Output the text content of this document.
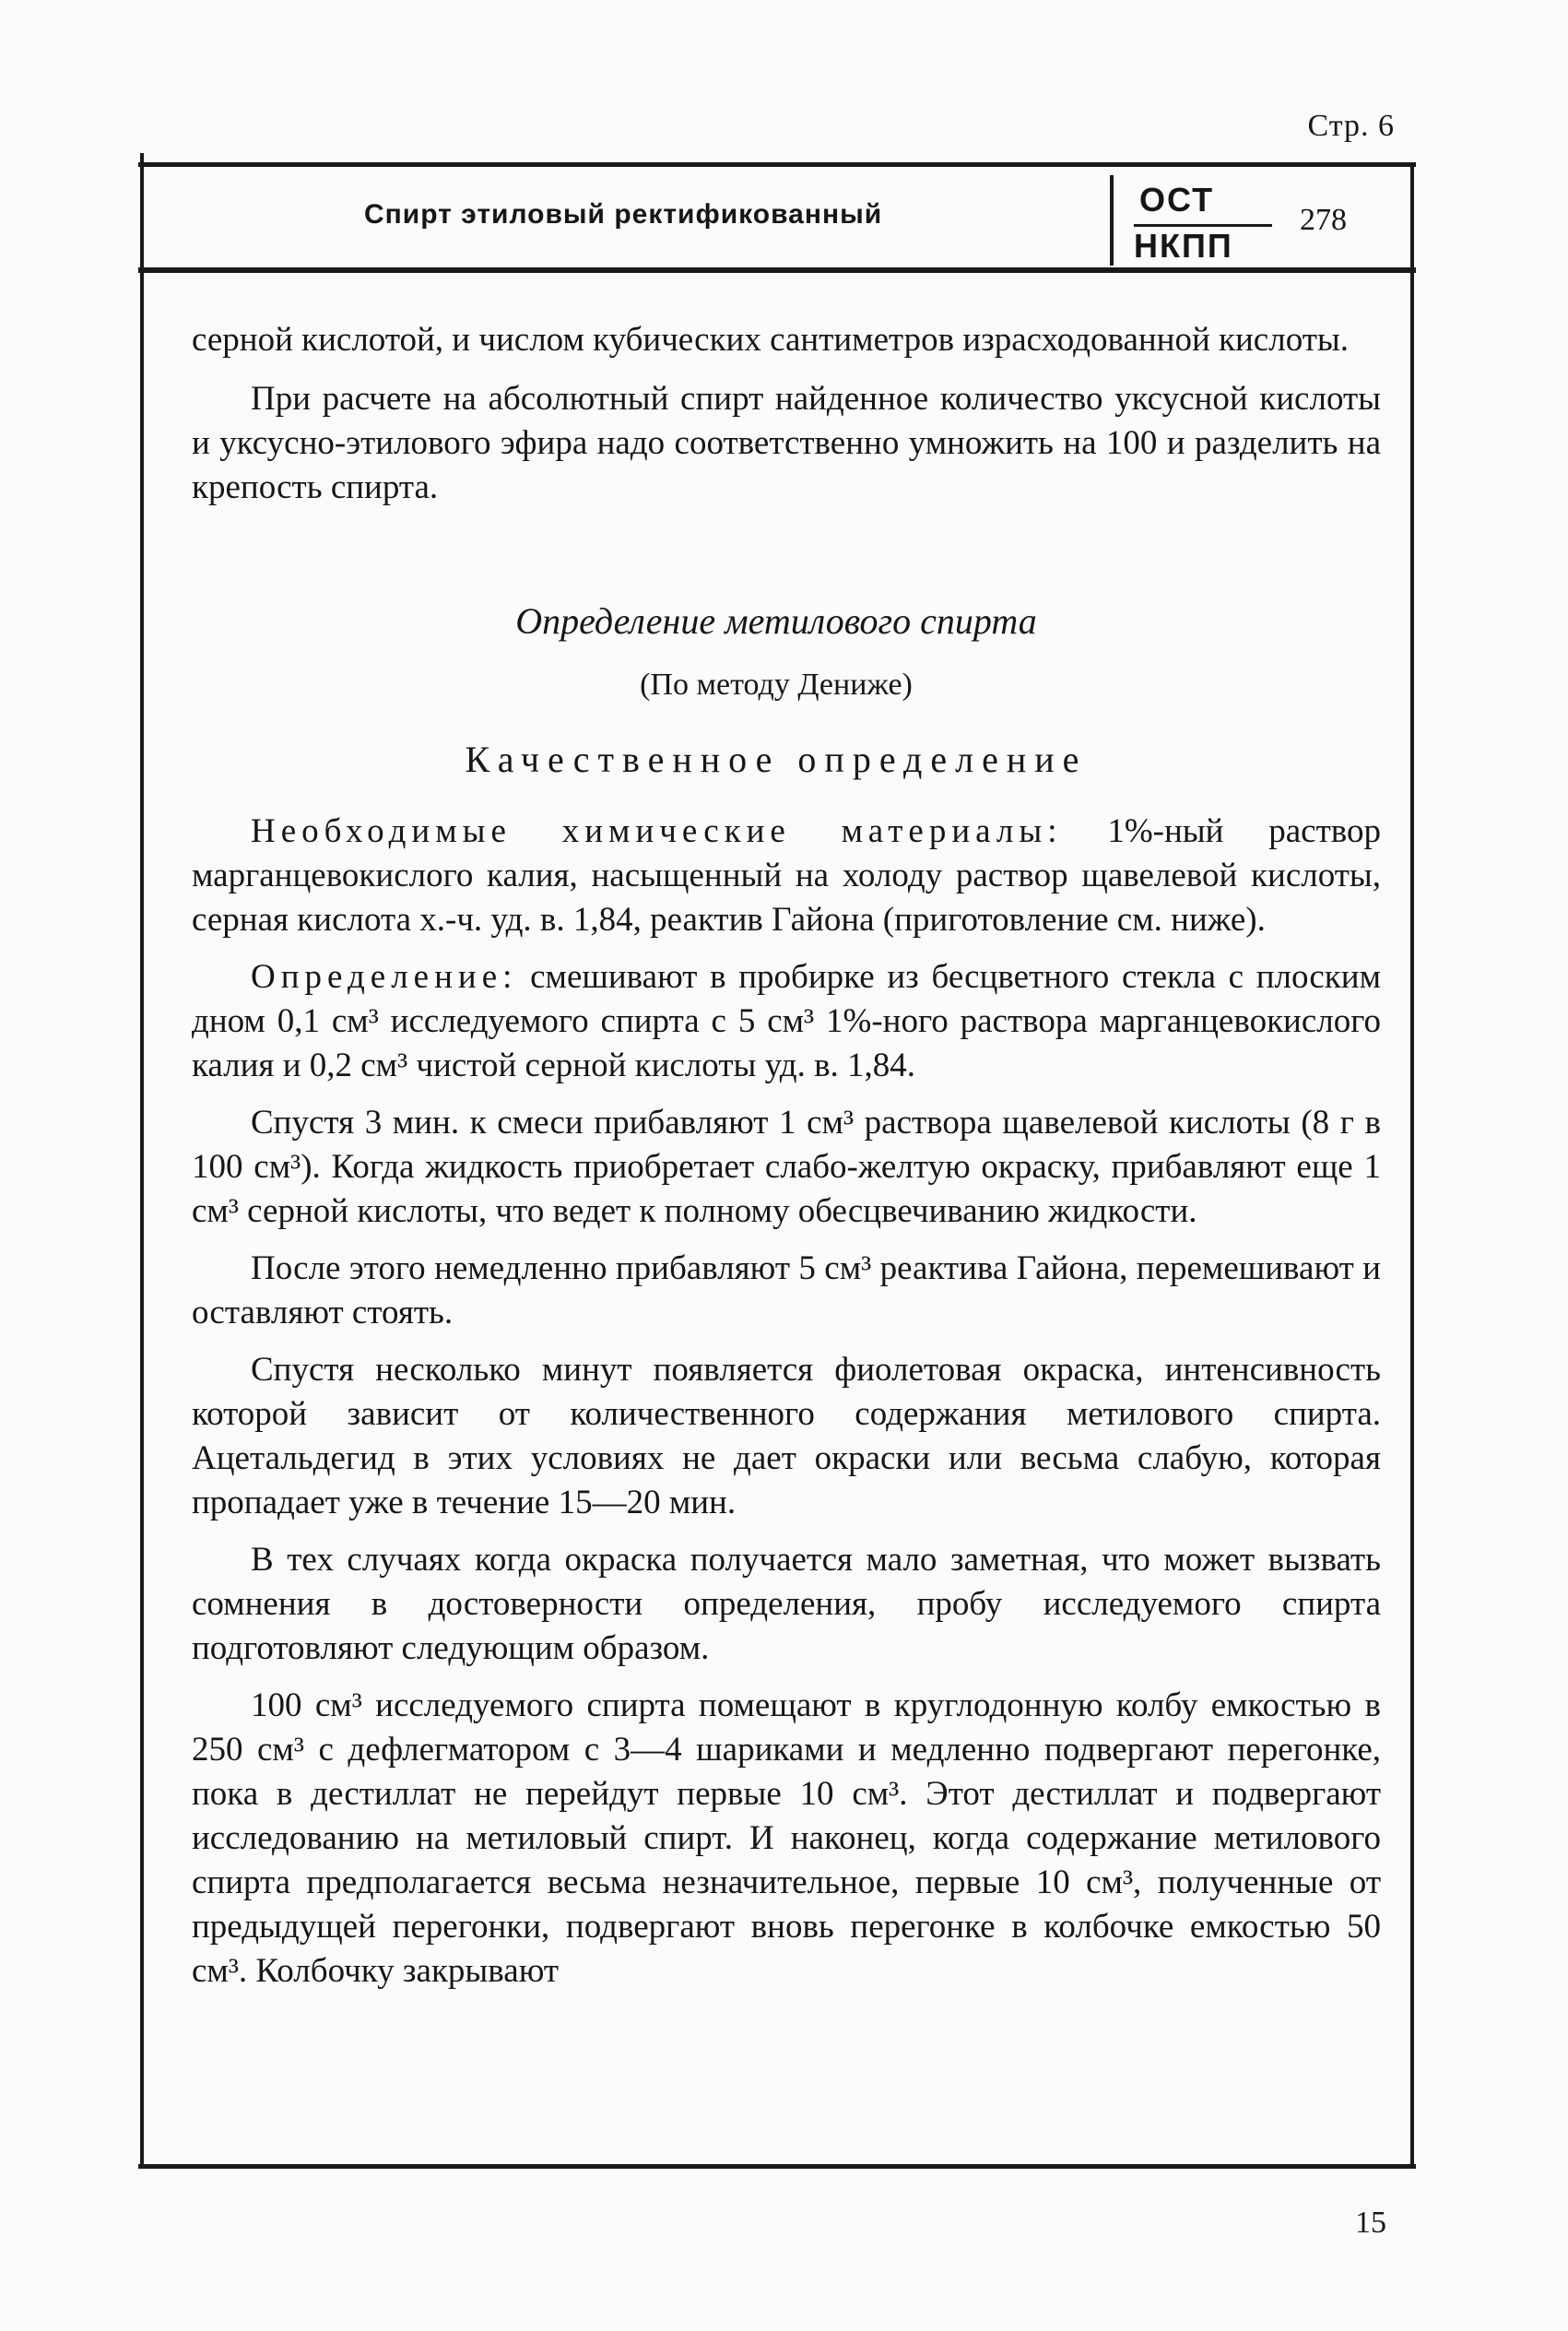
Стр. 6
Спирт этиловый ректификованный	ОСТ
НКПП
278

серной кислотой, и числом кубических сантиметров израсходованной кислоты.

При расчете на абсолютный спирт найденное количество уксусной кислоты и уксусно-этилового эфира надо соответственно умножить на 100 и разделить на крепость спирта.

Определение метилового спирта
(По методу Дениже)
Качественное определение

Необходимые химические материалы: 1%-ный раствор марганцевокислого калия, насыщенный на холоду раствор щавелевой кислоты, серная кислота х.-ч. уд. в. 1,84, реактив Гайона (приготовление см. ниже).

Определение: смешивают в пробирке из бесцветного стекла с плоским дном 0,1 см³ исследуемого спирта с 5 см³ 1%-ного раствора марганцевокислого калия и 0,2 см³ чистой серной кислоты уд. в. 1,84.

Спустя 3 мин. к смеси прибавляют 1 см³ раствора щавелевой кислоты (8 г в 100 см³). Когда жидкость приобретает слабо-желтую окраску, прибавляют еще 1 см³ серной кислоты, что ведет к полному обесцвечиванию жидкости.

После этого немедленно прибавляют 5 см³ реактива Гайона, перемешивают и оставляют стоять.

Спустя несколько минут появляется фиолетовая окраска, интенсивность которой зависит от количественного содержания метилового спирта. Ацетальдегид в этих условиях не дает окраски или весьма слабую, которая пропадает уже в течение 15—20 мин.

В тех случаях когда окраска получается мало заметная, что может вызвать сомнения в достоверности определения, пробу исследуемого спирта подготовляют следующим образом.

100 см³ исследуемого спирта помещают в круглодонную колбу емкостью в 250 см³ с дефлегматором с 3—4 шариками и медленно подвергают перегонке, пока в дестиллат не перейдут первые 10 см³. Этот дестиллат и подвергают исследованию на метиловый спирт. И наконец, когда содержание метилового спирта предполагается весьма незначительное, первые 10 см³, полученные от предыдущей перегонки, подвергают вновь перегонке в колбочке емкостью 50 см³. Колбочку закрывают

15
